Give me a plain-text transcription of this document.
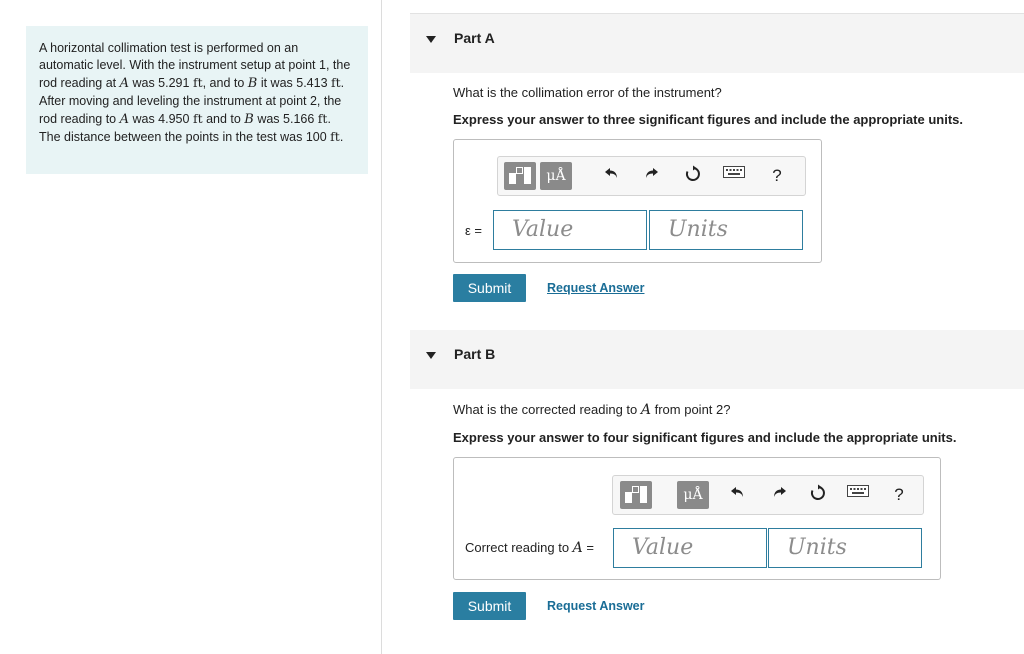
A horizontal collimation test is performed on an automatic level. With the instrument setup at point 1, the rod reading at A was 5.291 ft, and to B it was 5.413 ft. After moving and leveling the instrument at point 2, the rod reading to A was 4.950 ft and to B was 5.166 ft. The distance between the points in the test was 100 ft.
Part A
What is the collimation error of the instrument?
Express your answer to three significant figures and include the appropriate units.
μÅ	?
ε =	Value	Units
Submit	Request Answer
Part B
What is the corrected reading to A from point 2?
Express your answer to four significant figures and include the appropriate units.
μÅ	?
Correct reading to A =	Value	Units
Submit	Request Answer
